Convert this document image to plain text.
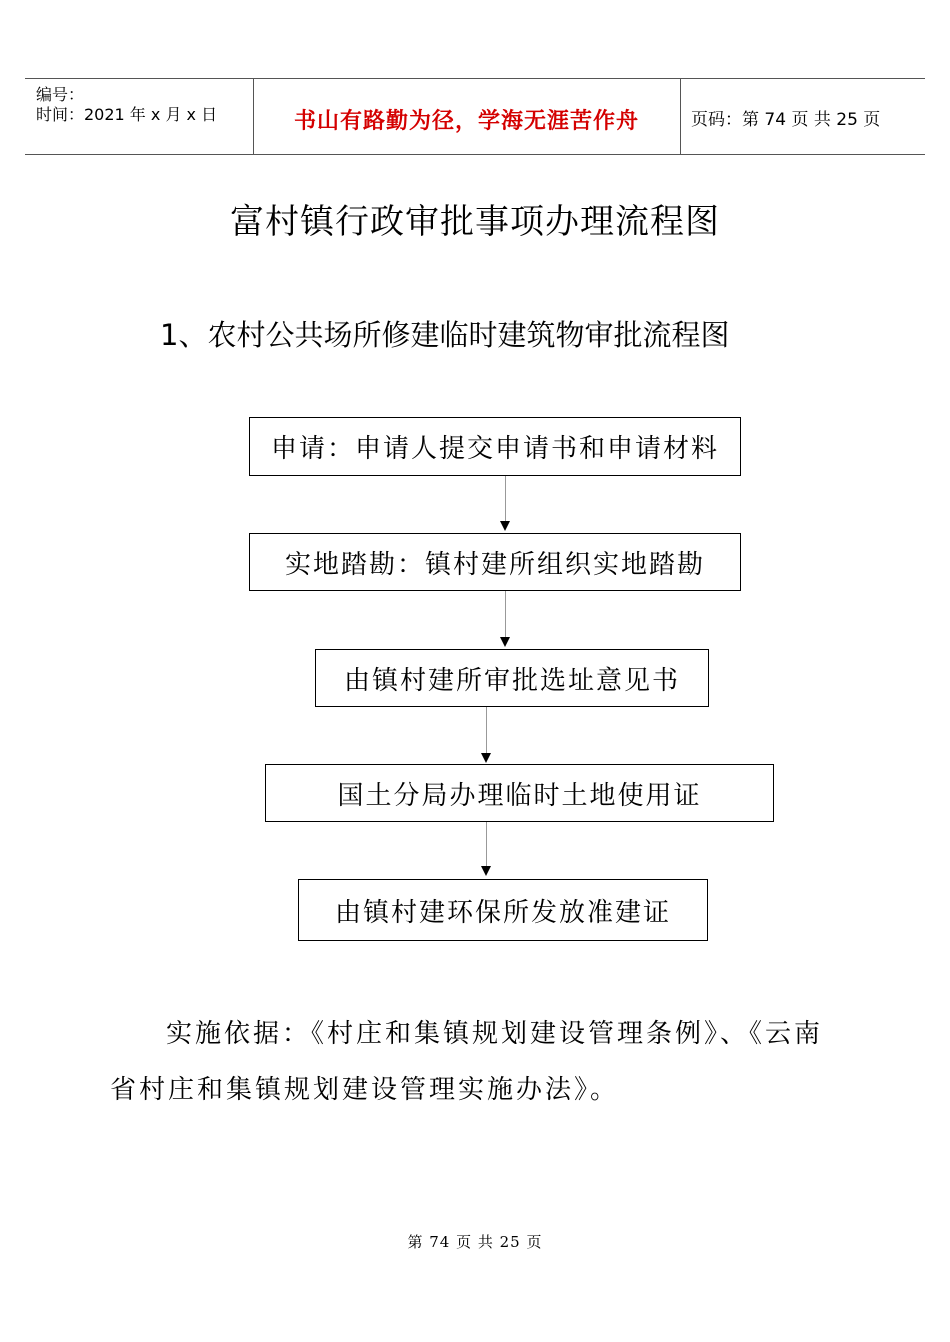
编号：
时间：2021 年 x 月 x 日	书山有路勤为径，学海无涯苦作舟	页码：第 74 页 共 25 页
富村镇行政审批事项办理流程图
1、农村公共场所修建临时建筑物审批流程图
申请：申请人提交申请书和申请材料
实地踏勘：镇村建所组织实地踏勘
由镇村建所审批选址意见书
国土分局办理临时土地使用证
由镇村建环保所发放准建证
实施依据：《村庄和集镇规划建设管理条例》、《云南省村庄和集镇规划建设管理实施办法》。
第 74 页 共 25 页
